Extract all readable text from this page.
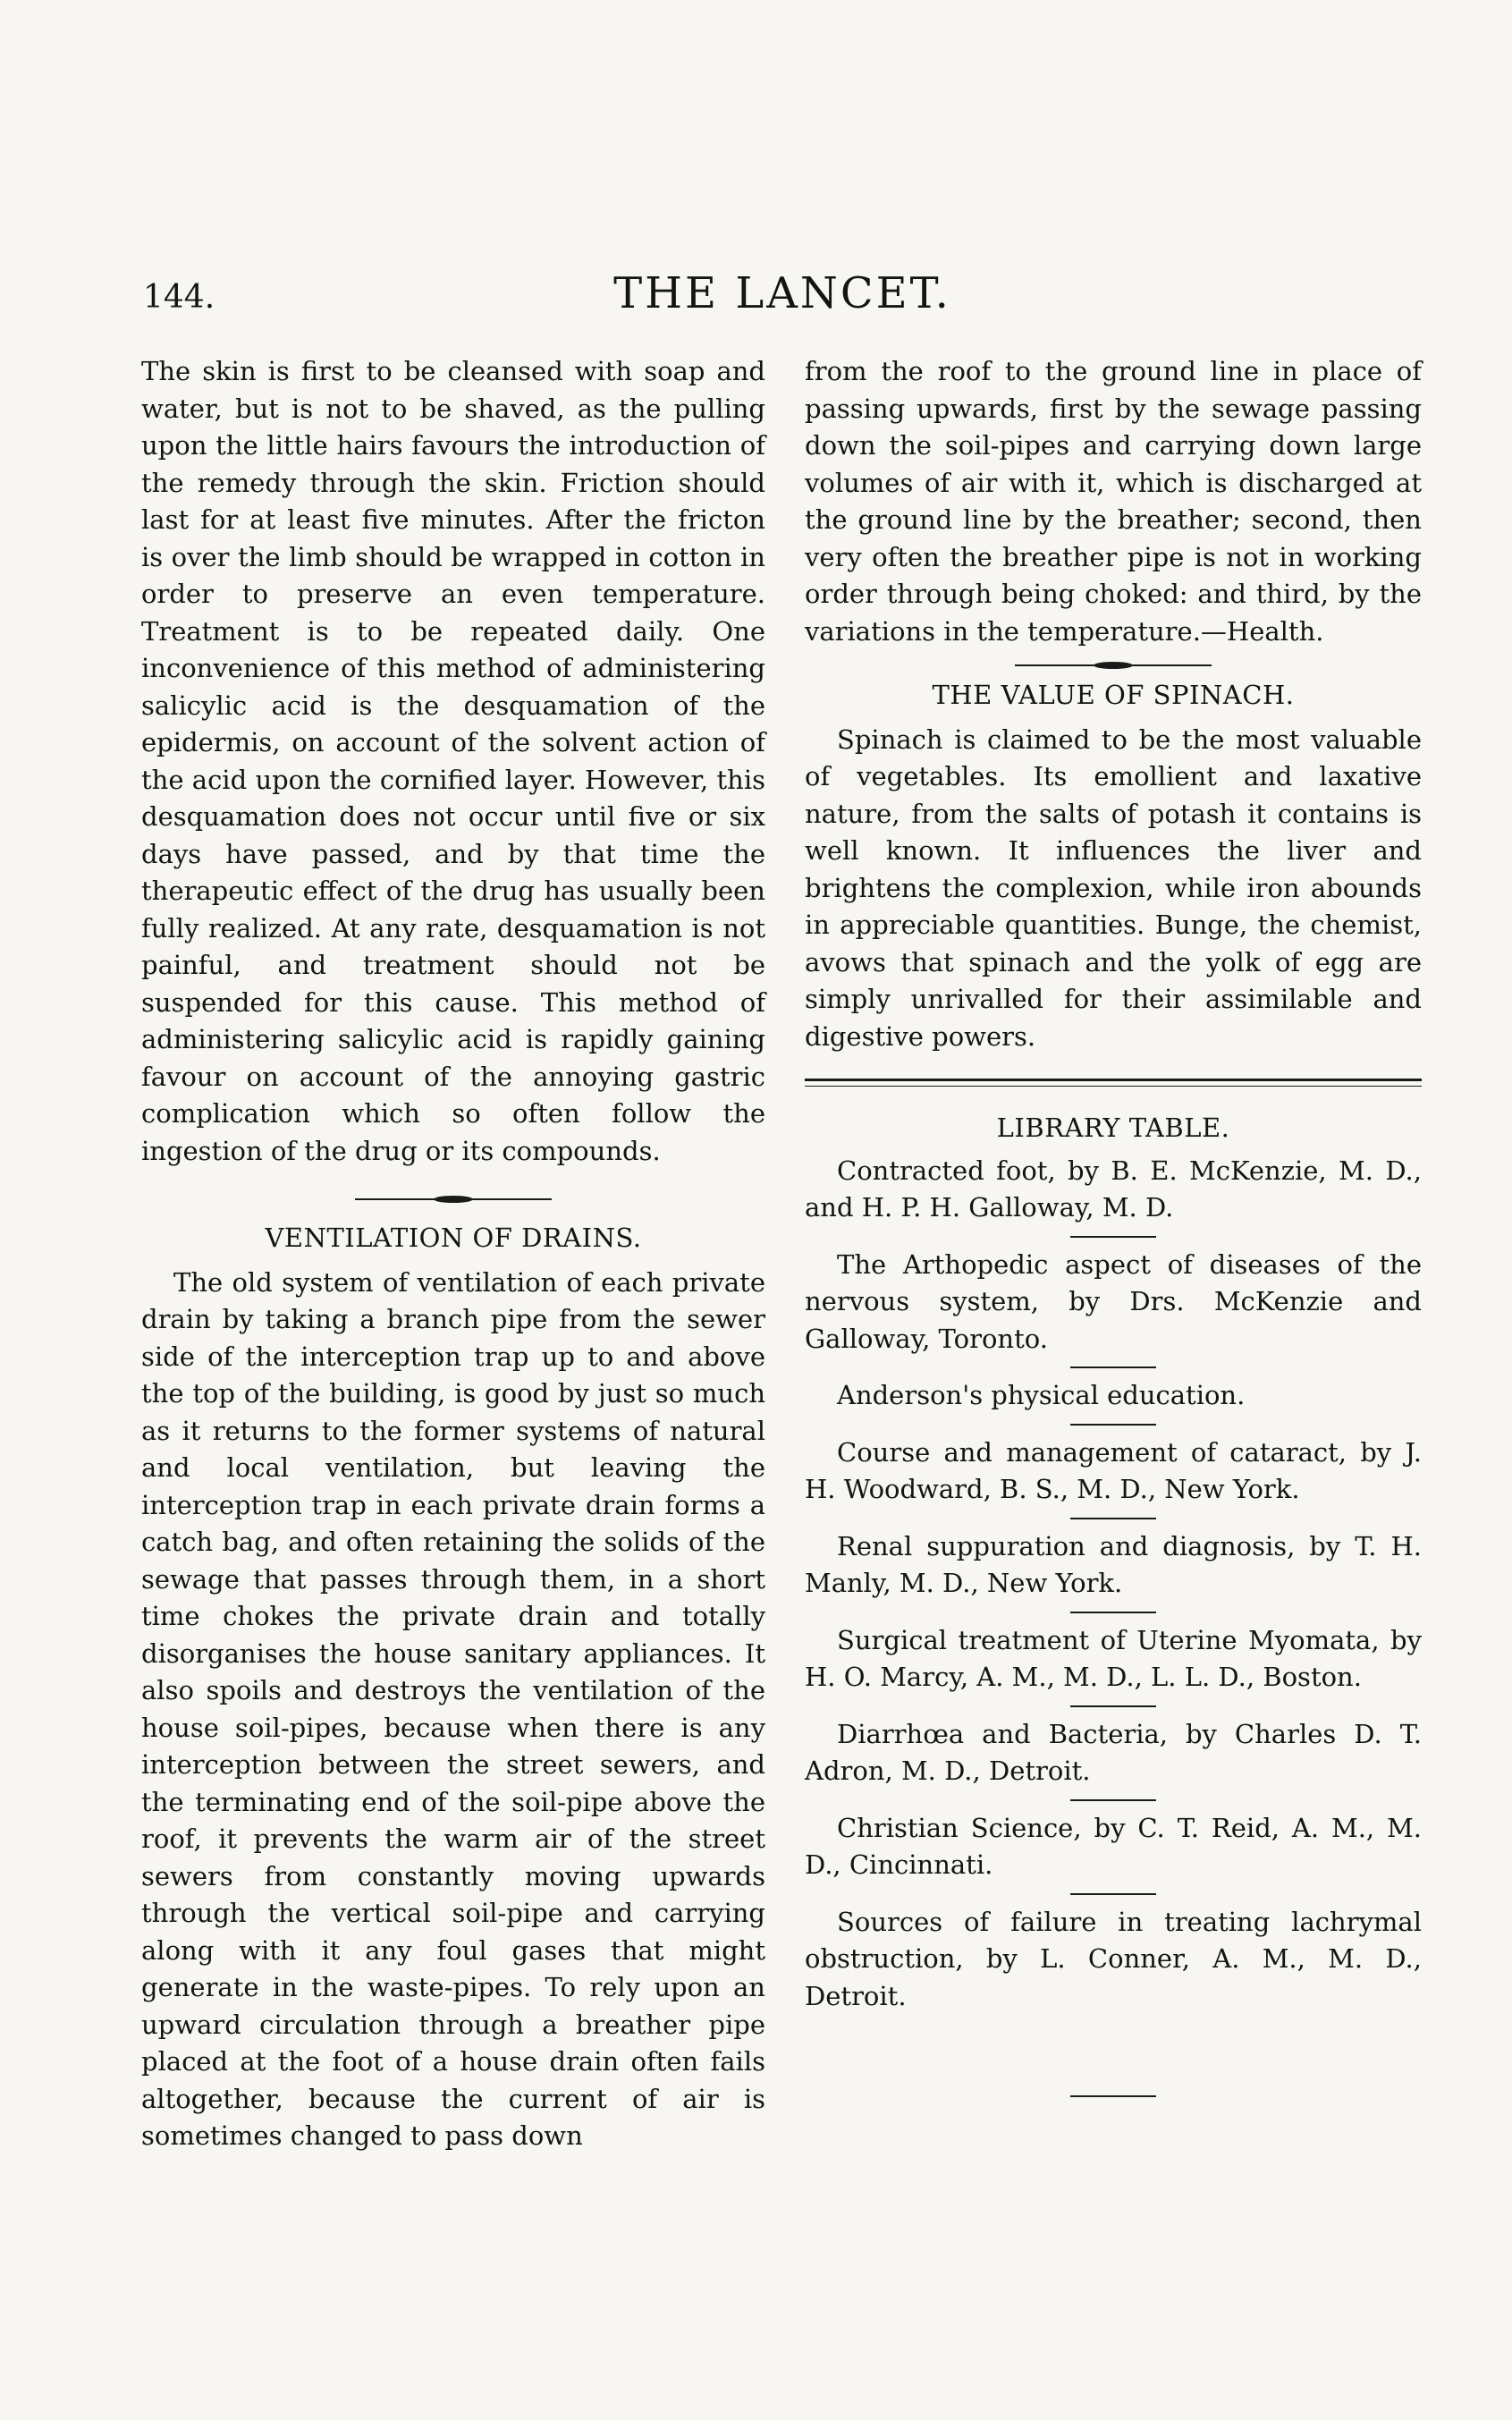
144.	THE LANCET.

The skin is first to be cleansed with soap and water, but is not to be shaved, as the pulling upon the little hairs favours the introduction of the remedy through the skin. Friction should last for at least five minutes. After the fricton is over the limb should be wrapped in cotton in order to preserve an even temperature. Treatment is to be repeated daily. One inconvenience of this method of administering salicylic acid is the desquamation of the epidermis, on account of the solvent action of the acid upon the cornified layer. However, this desquamation does not occur until five or six days have passed, and by that time the therapeutic effect of the drug has usually been fully realized. At any rate, desquamation is not painful, and treatment should not be suspended for this cause. This method of administering salicylic acid is rapidly gaining favour on account of the annoying gastric complication which so often follow the ingestion of the drug or its compounds.

VENTILATION OF DRAINS.

The old system of ventilation of each private drain by taking a branch pipe from the sewer side of the interception trap up to and above the top of the building, is good by just so much as it returns to the former systems of natural and local ventilation, but leaving the interception trap in each private drain forms a catch bag, and often retaining the solids of the sewage that passes through them, in a short time chokes the private drain and totally disorganises the house sanitary appliances. It also spoils and destroys the ventilation of the house soil-pipes, because when there is any interception between the street sewers, and the terminating end of the soil-pipe above the roof, it prevents the warm air of the street sewers from constantly moving upwards through the vertical soil-pipe and carrying along with it any foul gases that might generate in the waste-pipes. To rely upon an upward circulation through a breather pipe placed at the foot of a house drain often fails altogether, because the current of air is sometimes changed to pass down

from the roof to the ground line in place of passing upwards, first by the sewage passing down the soil-pipes and carrying down large volumes of air with it, which is discharged at the ground line by the breather; second, then very often the breather pipe is not in working order through being choked: and third, by the variations in the temperature.—Health.

THE VALUE OF SPINACH.

Spinach is claimed to be the most valuable of vegetables. Its emollient and laxative nature, from the salts of potash it contains is well known. It influences the liver and brightens the complexion, while iron abounds in appreciable quantities. Bunge, the chemist, avows that spinach and the yolk of egg are simply unrivalled for their assimilable and digestive powers.

LIBRARY TABLE.
Contracted foot, by B. E. McKenzie, M. D., and H. P. H. Galloway, M. D.
The Arthopedic aspect of diseases of the nervous system, by Drs. McKenzie and Galloway, Toronto.
Anderson's physical education.
Course and management of cataract, by J. H. Woodward, B. S., M. D., New York.
Renal suppuration and diagnosis, by T. H. Manly, M. D., New York.
Surgical treatment of Uterine Myomata, by H. O. Marcy, A. M., M. D., L. L. D., Boston.
Diarrhœa and Bacteria, by Charles D. T. Adron, M. D., Detroit.
Christian Science, by C. T. Reid, A. M., M. D., Cincinnati.
Sources of failure in treating lachrymal obstruction, by L. Conner, A. M., M. D., Detroit.
